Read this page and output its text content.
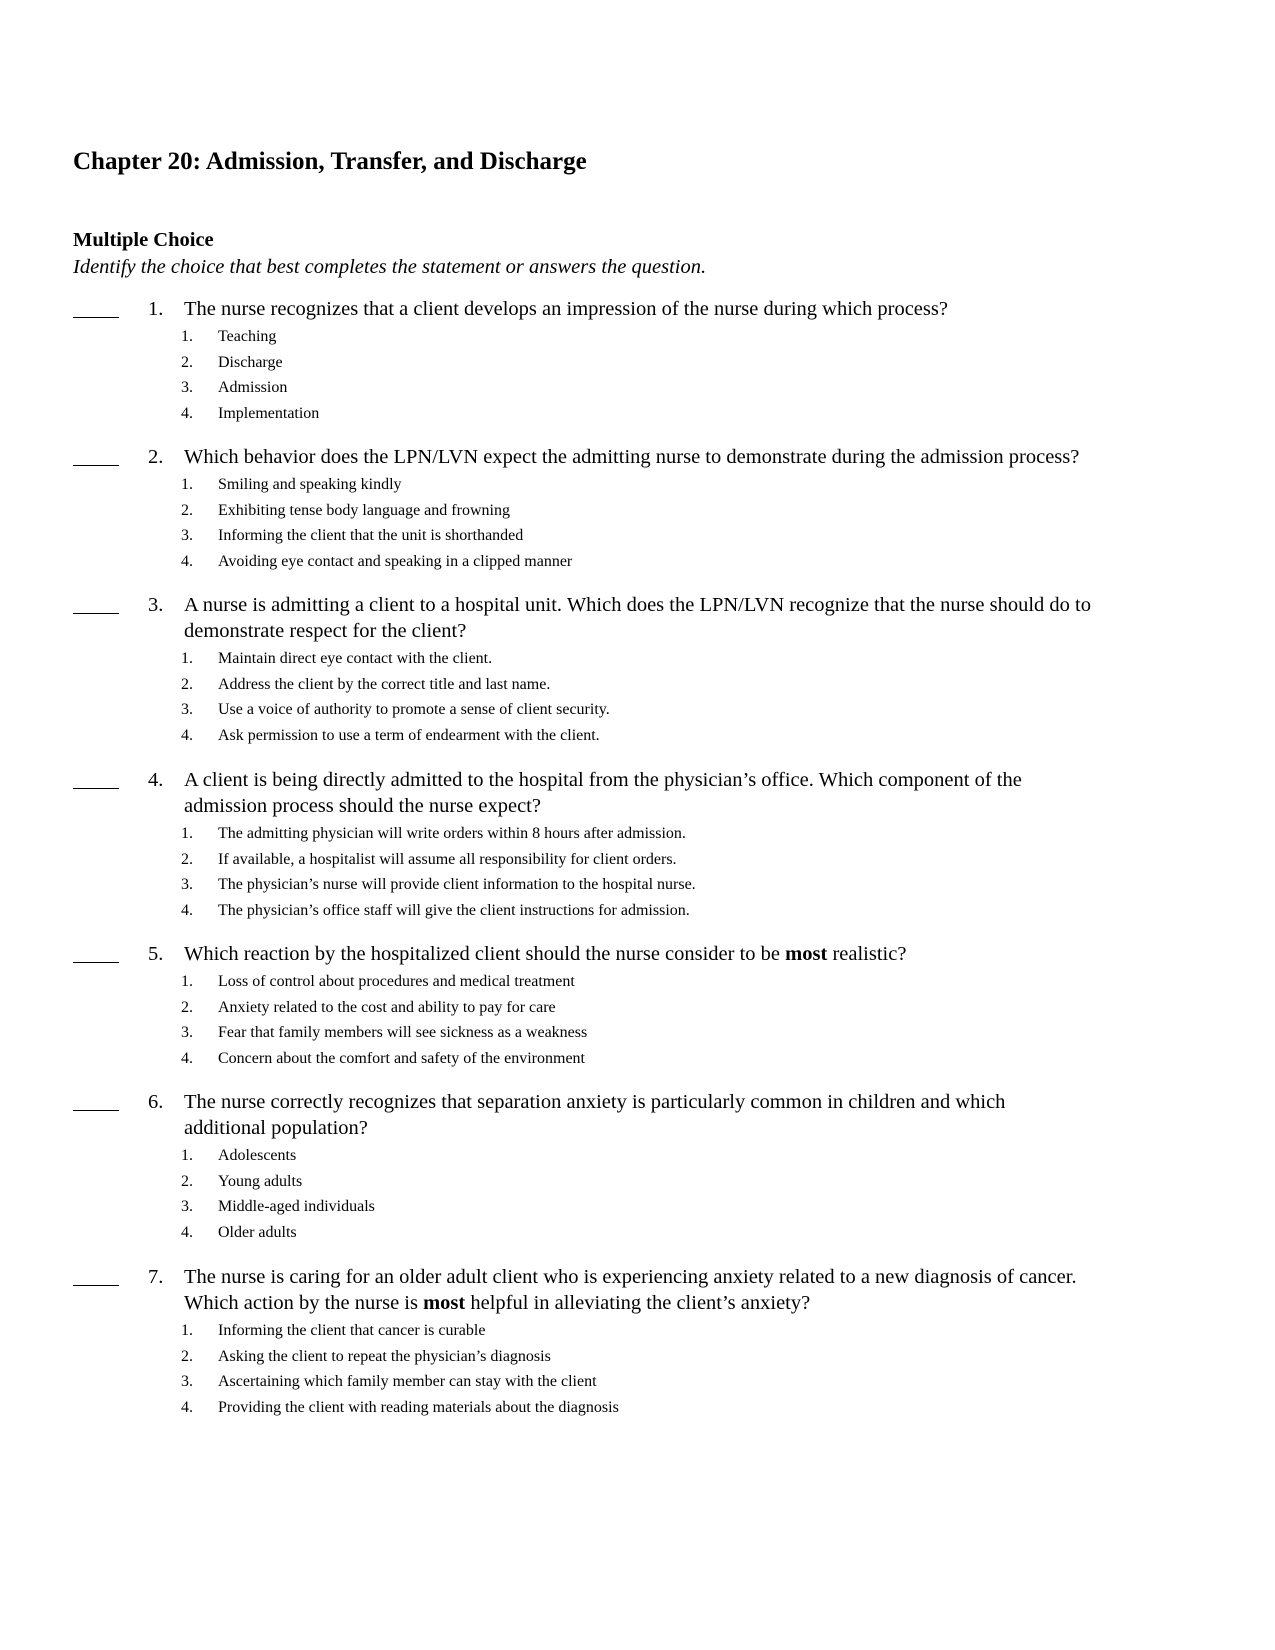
Chapter 20: Admission, Transfer, and Discharge
Multiple Choice
Identify the choice that best completes the statement or answers the question.
1. The nurse recognizes that a client develops an impression of the nurse during which process?
1. Teaching
2. Discharge
3. Admission
4. Implementation
2. Which behavior does the LPN/LVN expect the admitting nurse to demonstrate during the admission process?
1. Smiling and speaking kindly
2. Exhibiting tense body language and frowning
3. Informing the client that the unit is shorthanded
4. Avoiding eye contact and speaking in a clipped manner
3. A nurse is admitting a client to a hospital unit. Which does the LPN/LVN recognize that the nurse should do to demonstrate respect for the client?
1. Maintain direct eye contact with the client.
2. Address the client by the correct title and last name.
3. Use a voice of authority to promote a sense of client security.
4. Ask permission to use a term of endearment with the client.
4. A client is being directly admitted to the hospital from the physician’s office. Which component of the admission process should the nurse expect?
1. The admitting physician will write orders within 8 hours after admission.
2. If available, a hospitalist will assume all responsibility for client orders.
3. The physician’s nurse will provide client information to the hospital nurse.
4. The physician’s office staff will give the client instructions for admission.
5. Which reaction by the hospitalized client should the nurse consider to be most realistic?
1. Loss of control about procedures and medical treatment
2. Anxiety related to the cost and ability to pay for care
3. Fear that family members will see sickness as a weakness
4. Concern about the comfort and safety of the environment
6. The nurse correctly recognizes that separation anxiety is particularly common in children and which additional population?
1. Adolescents
2. Young adults
3. Middle-aged individuals
4. Older adults
7. The nurse is caring for an older adult client who is experiencing anxiety related to a new diagnosis of cancer.
Which action by the nurse is most helpful in alleviating the client’s anxiety?
1. Informing the client that cancer is curable
2. Asking the client to repeat the physician’s diagnosis
3. Ascertaining which family member can stay with the client
4. Providing the client with reading materials about the diagnosis
